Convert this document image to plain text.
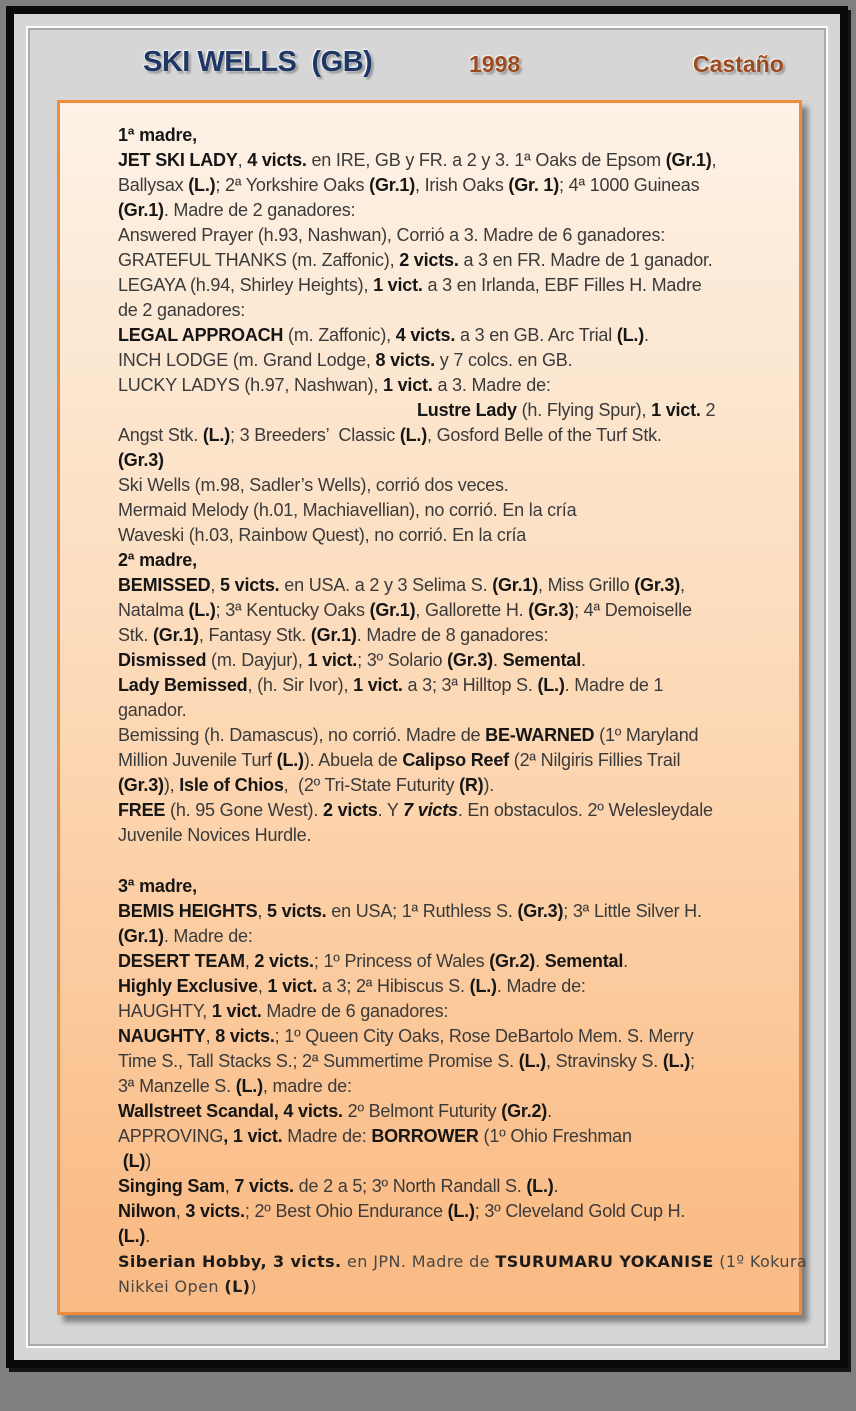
SKI WELLS  (GB)	1998	Castaño
1ª madre,
JET SKI LADY, 4 victs. en IRE, GB y FR. a 2 y 3. 1ª Oaks de Epsom (Gr.1),
Ballysax (L.); 2ª Yorkshire Oaks (Gr.1), Irish Oaks (Gr. 1); 4ª 1000 Guineas
(Gr.1). Madre de 2 ganadores:
Answered Prayer (h.93, Nashwan), Corrió a 3. Madre de 6 ganadores:
GRATEFUL THANKS (m. Zaffonic), 2 victs. a 3 en FR. Madre de 1 ganador.
LEGAYA (h.94, Shirley Heights), 1 vict. a 3 en Irlanda, EBF Filles H. Madre
de 2 ganadores:
LEGAL APPROACH (m. Zaffonic), 4 victs. a 3 en GB. Arc Trial (L.).
INCH LODGE (m. Grand Lodge, 8 victs. y 7 colcs. en GB.
LUCKY LADYS (h.97, Nashwan), 1 vict. a 3. Madre de:
Lustre Lady (h. Flying Spur), 1 vict. 2
Angst Stk. (L.); 3 Breeders’  Classic (L.), Gosford Belle of the Turf Stk.
(Gr.3)
Ski Wells (m.98, Sadler’s Wells), corrió dos veces.
Mermaid Melody (h.01, Machiavellian), no corrió. En la cría
Waveski (h.03, Rainbow Quest), no corrió. En la cría
2ª madre,
BEMISSED, 5 victs. en USA. a 2 y 3 Selima S. (Gr.1), Miss Grillo (Gr.3),
Natalma (L.); 3ª Kentucky Oaks (Gr.1), Gallorette H. (Gr.3); 4ª Demoiselle
Stk. (Gr.1), Fantasy Stk. (Gr.1). Madre de 8 ganadores:
Dismissed (m. Dayjur), 1 vict.; 3º Solario (Gr.3). Semental.
Lady Bemissed, (h. Sir Ivor), 1 vict. a 3; 3ª Hilltop S. (L.). Madre de 1
ganador.
Bemissing (h. Damascus), no corrió. Madre de BE-WARNED (1º Maryland
Million Juvenile Turf (L.)). Abuela de Calipso Reef (2ª Nilgiris Fillies Trail
(Gr.3)), Isle of Chios,  (2º Tri-State Futurity (R)).
FREE (h. 95 Gone West). 2 victs. Y 7 victs. En obstaculos. 2º Welesleydale
Juvenile Novices Hurdle.
3ª madre,
BEMIS HEIGHTS, 5 victs. en USA; 1ª Ruthless S. (Gr.3); 3ª Little Silver H.
(Gr.1). Madre de:
DESERT TEAM, 2 victs.; 1º Princess of Wales (Gr.2). Semental.
Highly Exclusive, 1 vict. a 3; 2ª Hibiscus S. (L.). Madre de:
HAUGHTY, 1 vict. Madre de 6 ganadores:
NAUGHTY, 8 victs.; 1º Queen City Oaks, Rose DeBartolo Mem. S. Merry
Time S., Tall Stacks S.; 2ª Summertime Promise S. (L.), Stravinsky S. (L.);
3ª Manzelle S. (L.), madre de:
Wallstreet Scandal, 4 victs. 2º Belmont Futurity (Gr.2).
APPROVING, 1 vict. Madre de: BORROWER (1º Ohio Freshman
(L))
Singing Sam, 7 victs. de 2 a 5; 3º North Randall S. (L.).
Nilwon, 3 victs.; 2º Best Ohio Endurance (L.); 3º Cleveland Gold Cup H.
(L.).
Siberian Hobby, 3 victs. en JPN. Madre de TSURUMARU YOKANISE (1º Kokura
Nikkei Open (L))
